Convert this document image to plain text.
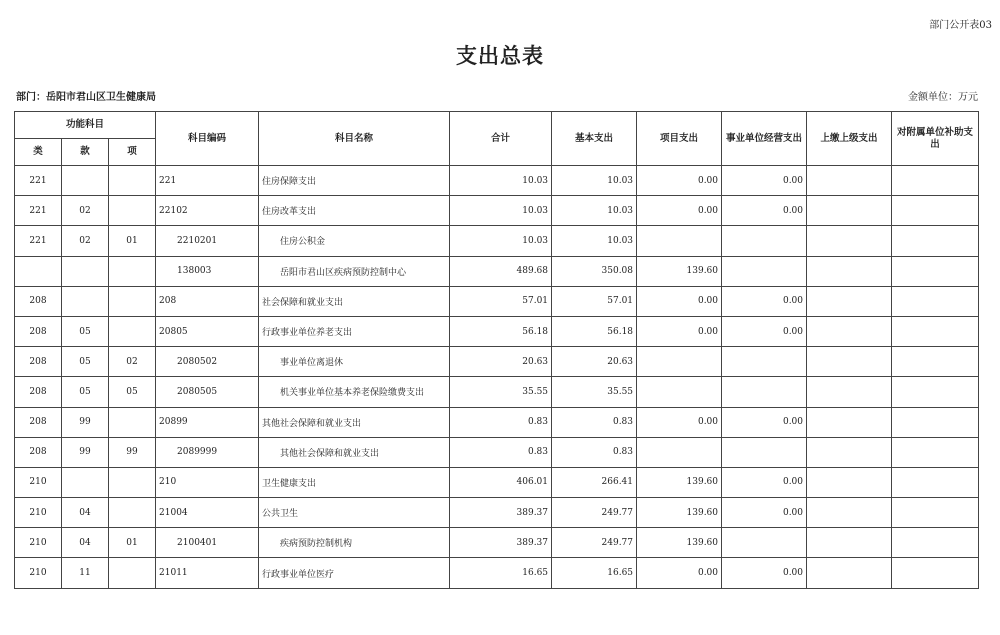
部门公开表03
支出总表
部门：岳阳市君山区卫生健康局	金额单位：万元
功能科目			科目编码	科目名称	合计	基本支出	项目支出	事业单位经营支出	上缴上级支出	对附属单位补助支出
类	款	项								
221			221	住房保障支出	10.03	10.03	0.00	0.00		
221	02		22102	住房改革支出	10.03	10.03	0.00	0.00		
221	02	01	2210201	住房公积金	10.03	10.03				
			138003	岳阳市君山区疾病预防控制中心	489.68	350.08	139.60			
208			208	社会保障和就业支出	57.01	57.01	0.00	0.00		
208	05		20805	行政事业单位养老支出	56.18	56.18	0.00	0.00		
208	05	02	2080502	事业单位离退休	20.63	20.63				
208	05	05	2080505	机关事业单位基本养老保险缴费支出	35.55	35.55				
208	99		20899	其他社会保障和就业支出	0.83	0.83	0.00	0.00		
208	99	99	2089999	其他社会保障和就业支出	0.83	0.83				
210			210	卫生健康支出	406.01	266.41	139.60	0.00		
210	04		21004	公共卫生	389.37	249.77	139.60	0.00		
210	04	01	2100401	疾病预防控制机构	389.37	249.77	139.60			
210	11		21011	行政事业单位医疗	16.65	16.65	0.00	0.00		
